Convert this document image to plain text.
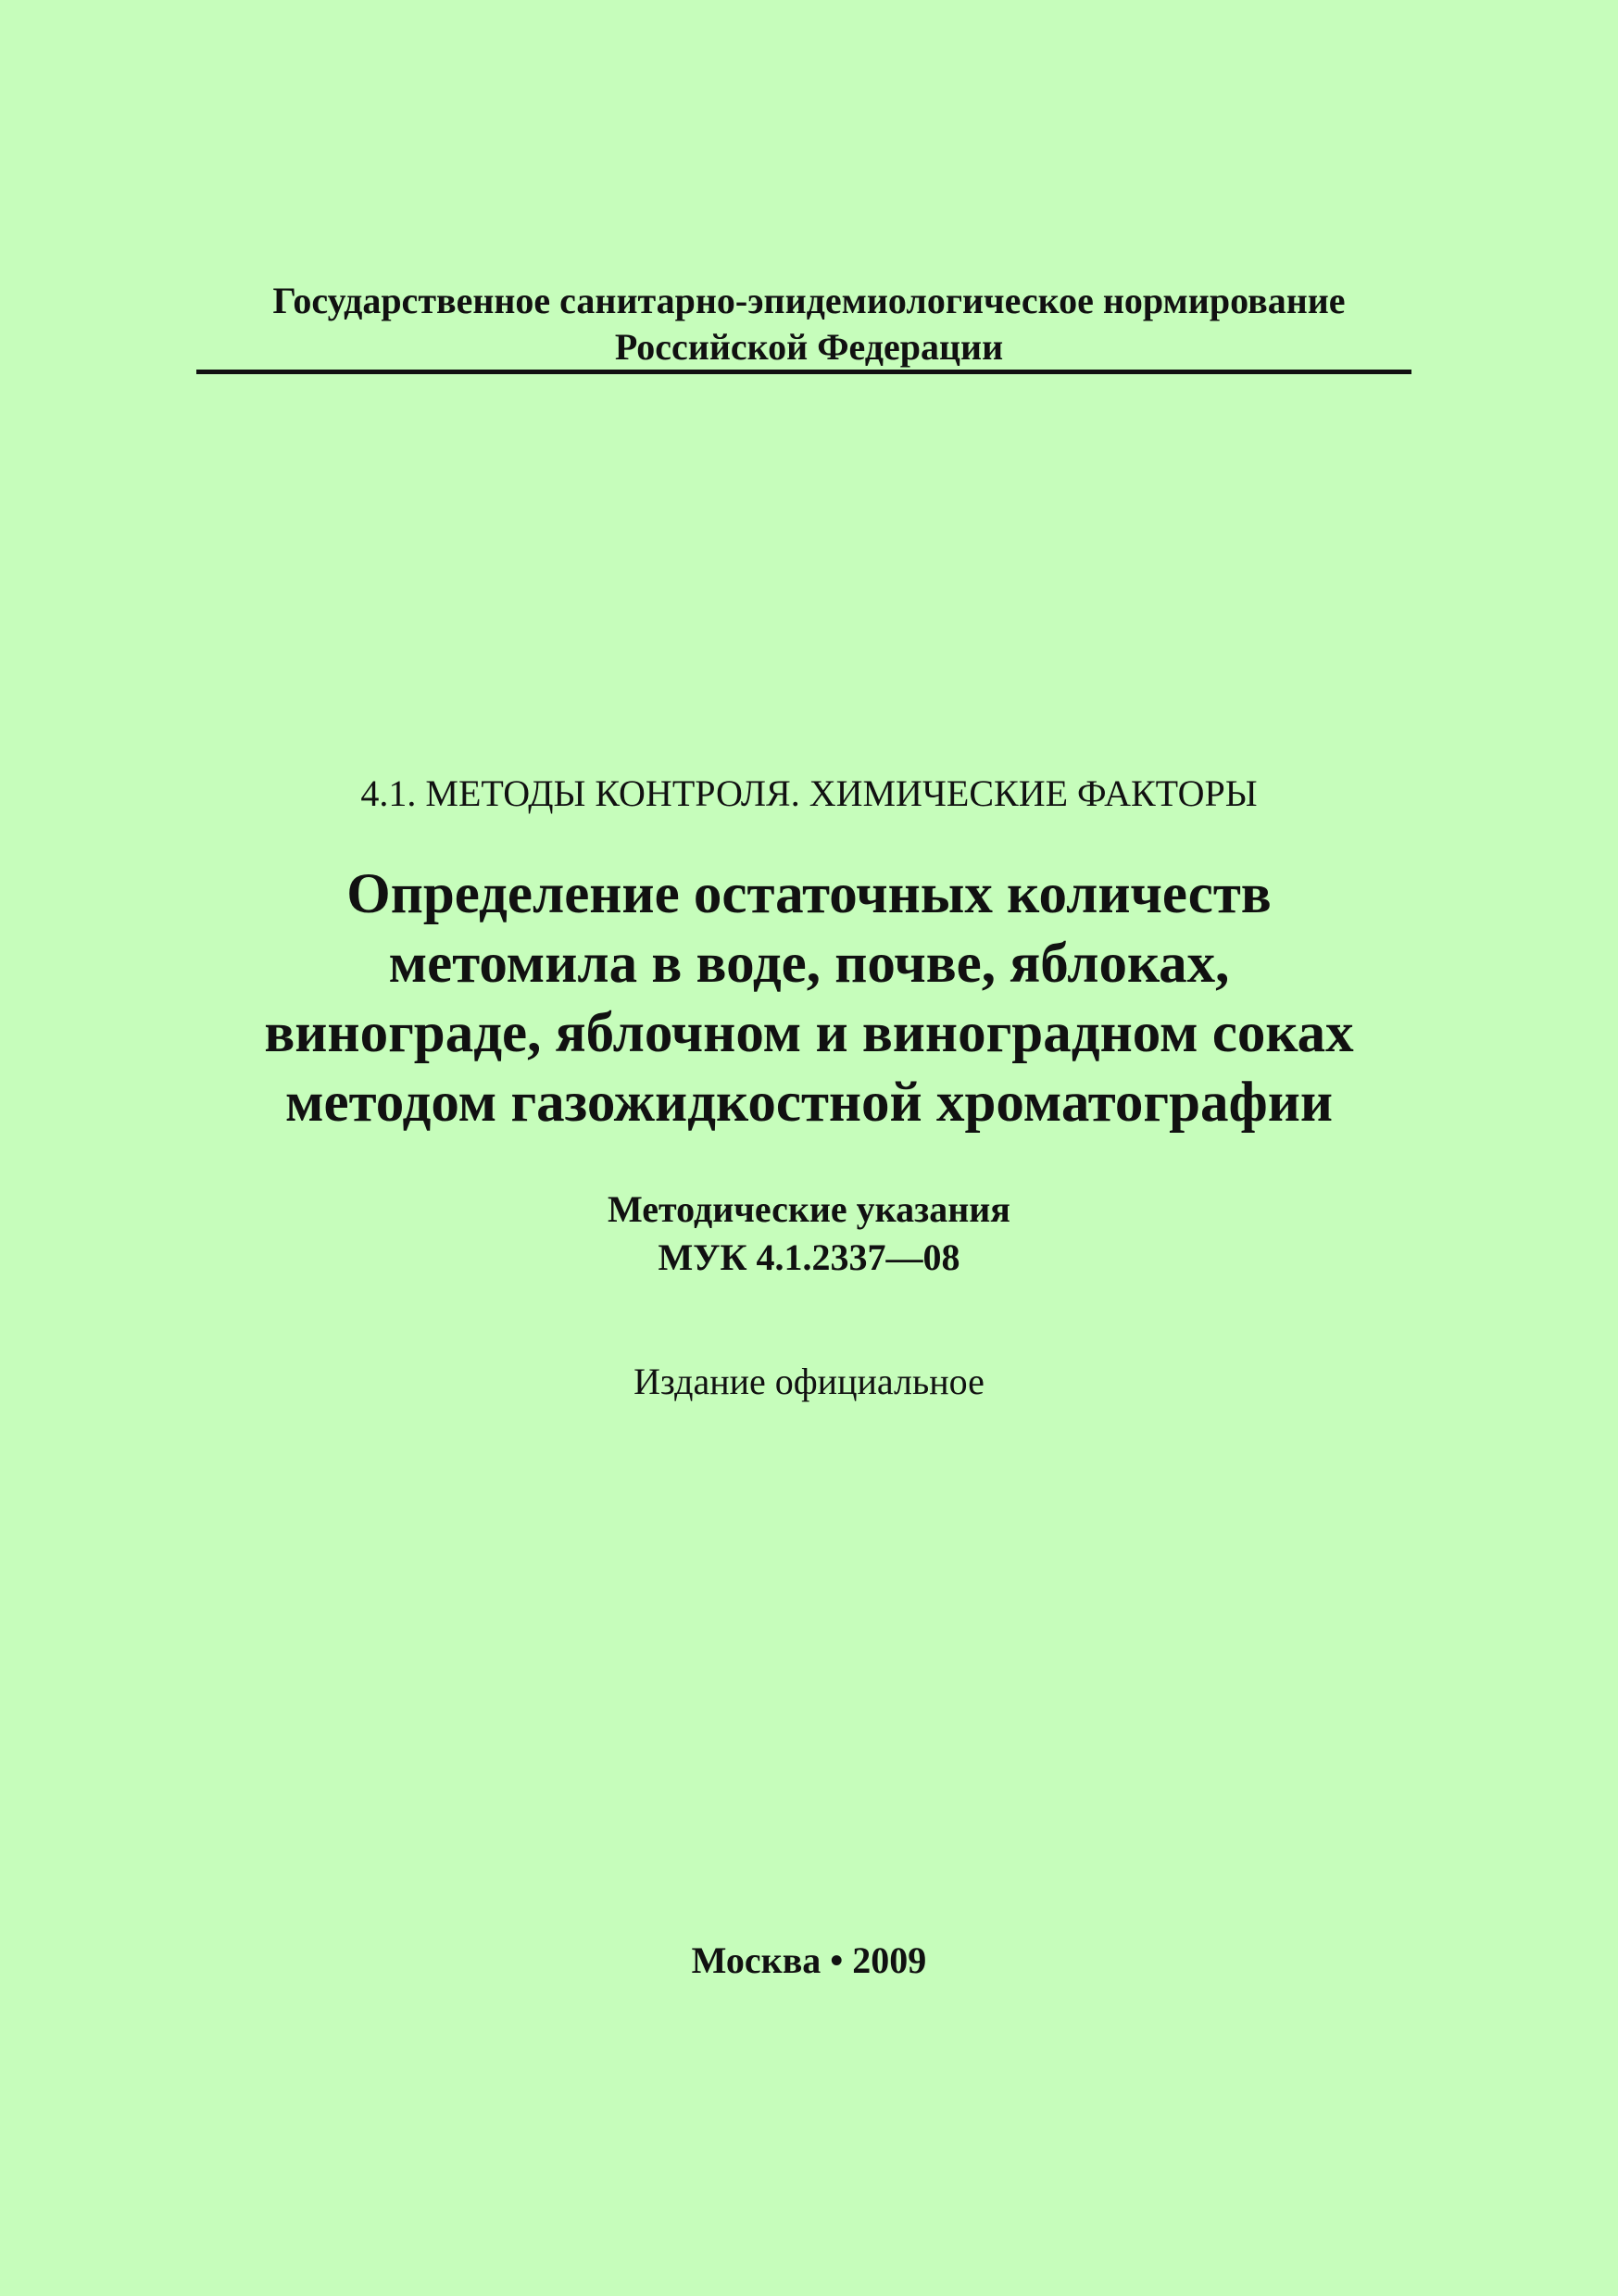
Государственное санитарно-эпидемиологическое нормирование
Российской Федерации
4.1. МЕТОДЫ КОНТРОЛЯ. ХИМИЧЕСКИЕ ФАКТОРЫ
Определение остаточных количеств
метомила в воде, почве, яблоках,
винограде, яблочном и виноградном соках
методом газожидкостной хроматографии
Методические указания
МУК 4.1.2337—08
Издание официальное
Москва • 2009
